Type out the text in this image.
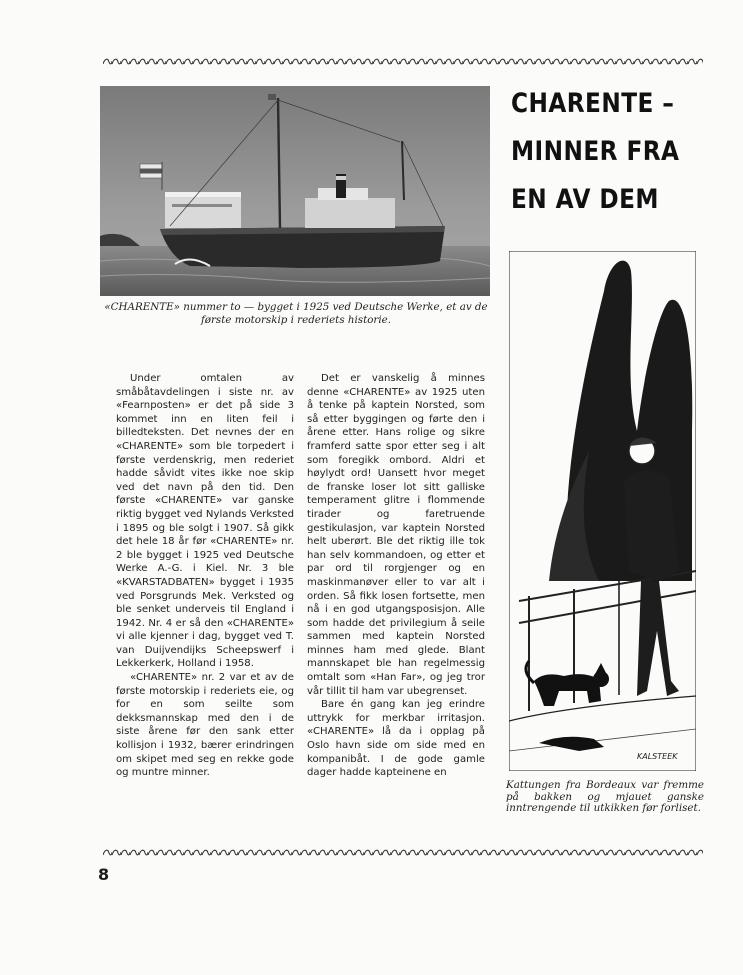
«CHARENTE» nummer to — bygget i 1925 ved Deutsche Werke, et av de første motorskip i rederiets historie.
CHARENTE –
MINNER FRA
EN AV DEM

Under omtalen av småbåtavdelingen i siste nr. av «Fearnposten» er det på side 3 kommet inn en liten feil i billedteksten. Det nevnes der en «CHARENTE» som ble torpedert i første verdenskrig, men rederiet hadde såvidt vites ikke noe skip ved det navn på den tid. Den første «CHARENTE» var ganske riktig bygget ved Nylands Verksted i 1895 og ble solgt i 1907. Så gikk det hele 18 år før «CHARENTE» nr. 2 ble bygget i 1925 ved Deutsche Werke A.-G. i Kiel. Nr. 3 ble «KVARSTADBATEN» bygget i 1935 ved Porsgrunds Mek. Verksted og ble senket underveis til England i 1942. Nr. 4 er så den «CHARENTE» vi alle kjenner i dag, bygget ved T. van Duijvendijks Scheepswerf i Lekkerkerk, Holland i 1958.

«CHARENTE» nr. 2 var et av de første motorskip i rederiets eie, og for en som seilte som dekksmannskap med den i de siste årene før den sank etter kollisjon i 1932, bærer erindringen om skipet med seg en rekke gode og muntre minner.

Det er vanskelig å minnes denne «CHARENTE» av 1925 uten å tenke på kaptein Norsted, som så etter byggingen og førte den i årene etter. Hans rolige og sikre framferd satte spor etter seg i alt som foregikk ombord. Aldri et høylydt ord! Uansett hvor meget de franske loser lot sitt galliske temperament glitre i flommende tirader og faretruende gestikulasjon, var kaptein Norsted helt uberørt. Ble det riktig ille tok han selv kommandoen, og etter et par ord til rorgjenger og en maskinmanøver eller to var alt i orden. Så fikk losen fortsette, men nå i en god utgangsposisjon. Alle som hadde det privilegium å seile sammen med kaptein Norsted minnes ham med glede. Blant mannskapet ble han regelmessig omtalt som «Han Far», og jeg tror vår tillit til ham var ubegrenset.

Bare én gang kan jeg erindre uttrykk for merkbar irritasjon. «CHARENTE» lå da i opplag på Oslo havn side om side med en kompanibåt. I de gode gamle dager hadde kapteinene en

KALSTEEK
Kattungen fra Bordeaux var fremme på bakken og mjauet ganske inntrengende til utkikken før forliset.
8
